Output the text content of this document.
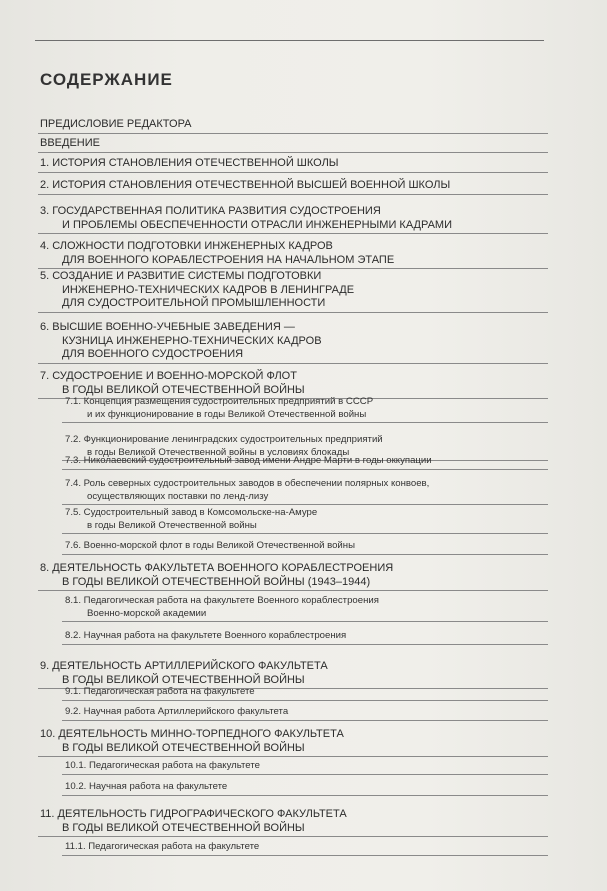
СОДЕРЖАНИЕ
ПРЕДИСЛОВИЕ РЕДАКТОРА
ВВЕДЕНИЕ
1. ИСТОРИЯ СТАНОВЛЕНИЯ ОТЕЧЕСТВЕННОЙ ШКОЛЫ
2. ИСТОРИЯ СТАНОВЛЕНИЯ ОТЕЧЕСТВЕННОЙ ВЫСШЕЙ ВОЕННОЙ ШКОЛЫ
3. ГОСУДАРСТВЕННАЯ ПОЛИТИКА РАЗВИТИЯ СУДОСТРОЕНИЯ
И ПРОБЛЕМЫ ОБЕСПЕЧЕННОСТИ ОТРАСЛИ ИНЖЕНЕРНЫМИ КАДРАМИ
4. СЛОЖНОСТИ ПОДГОТОВКИ ИНЖЕНЕРНЫХ КАДРОВ
ДЛЯ ВОЕННОГО КОРАБЛЕСТРОЕНИЯ НА НАЧАЛЬНОМ ЭТАПЕ
5. СОЗДАНИЕ И РАЗВИТИЕ СИСТЕМЫ ПОДГОТОВКИ
ИНЖЕНЕРНО-ТЕХНИЧЕСКИХ КАДРОВ В ЛЕНИНГРАДЕ
ДЛЯ СУДОСТРОИТЕЛЬНОЙ ПРОМЫШЛЕННОСТИ
6. ВЫСШИЕ ВОЕННО-УЧЕБНЫЕ ЗАВЕДЕНИЯ —
КУЗНИЦА ИНЖЕНЕРНО-ТЕХНИЧЕСКИХ КАДРОВ
ДЛЯ ВОЕННОГО СУДОСТРОЕНИЯ
7. СУДОСТРОЕНИЕ И ВОЕННО-МОРСКОЙ ФЛОТ
В ГОДЫ ВЕЛИКОЙ ОТЕЧЕСТВЕННОЙ ВОЙНЫ
7.1. Концепция размещения судостроительных предприятий в СССР
и их функционирование в годы Великой Отечественной войны
7.2. Функционирование ленинградских судостроительных предприятий
в годы Великой Отечественной войны в условиях блокады
7.3. Николаевский судостроительный завод имени Андре Марти в годы оккупации
7.4. Роль северных судостроительных заводов в обеспечении полярных конвоев,
осуществляющих поставки по ленд-лизу
7.5. Судостроительный завод в Комсомольске-на-Амуре
в годы Великой Отечественной войны
7.6. Военно-морской флот в годы Великой Отечественной войны
8. ДЕЯТЕЛЬНОСТЬ ФАКУЛЬТЕТА ВОЕННОГО КОРАБЛЕСТРОЕНИЯ
В ГОДЫ ВЕЛИКОЙ ОТЕЧЕСТВЕННОЙ ВОЙНЫ (1943–1944)
8.1. Педагогическая работа на факультете Военного кораблестроения
Военно-морской академии
8.2. Научная работа на факультете Военного кораблестроения
9. ДЕЯТЕЛЬНОСТЬ АРТИЛЛЕРИЙСКОГО ФАКУЛЬТЕТА
В ГОДЫ ВЕЛИКОЙ ОТЕЧЕСТВЕННОЙ ВОЙНЫ
9.1. Педагогическая работа на факультете
9.2. Научная работа Артиллерийского факультета
10. ДЕЯТЕЛЬНОСТЬ МИННО-ТОРПЕДНОГО ФАКУЛЬТЕТА
В ГОДЫ ВЕЛИКОЙ ОТЕЧЕСТВЕННОЙ ВОЙНЫ
10.1. Педагогическая работа на факультете
10.2. Научная работа на факультете
11. ДЕЯТЕЛЬНОСТЬ ГИДРОГРАФИЧЕСКОГО ФАКУЛЬТЕТА
В ГОДЫ ВЕЛИКОЙ ОТЕЧЕСТВЕННОЙ ВОЙНЫ
11.1. Педагогическая работа на факультете
